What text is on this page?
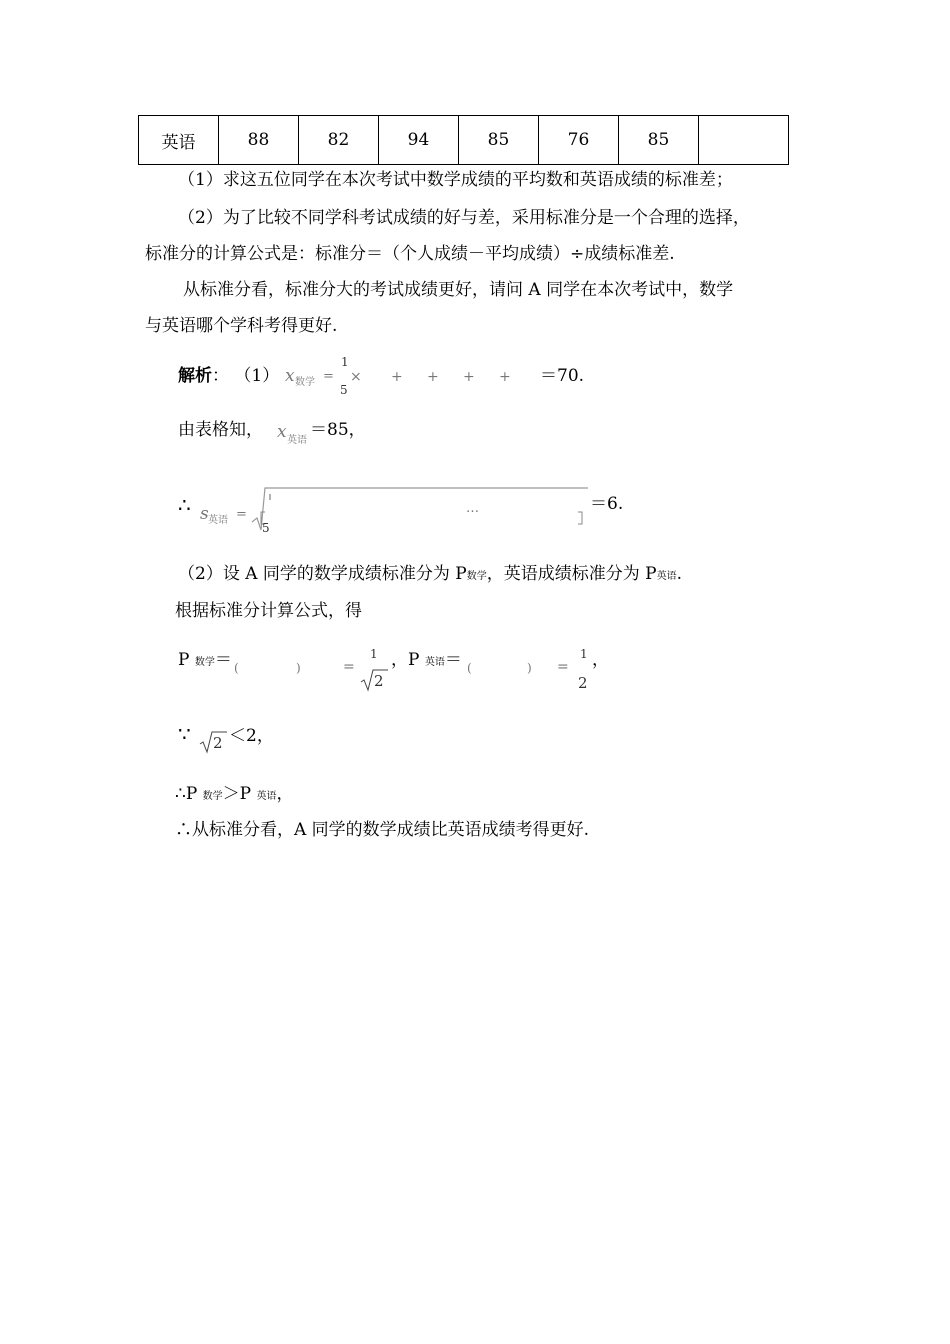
英语	88	82	94	85	76	85	
（1）求这五位同学在本次考试中数学成绩的平均数和英语成绩的标准差；
（2）为了比较不同学科考试成绩的好与差，采用标准分是一个合理的选择，
标准分的计算公式是：标准分＝（个人成绩－平均成绩）÷成绩标准差.
从标准分看，标准分大的考试成绩更好，请问 A 同学在本次考试中，数学
与英语哪个学科考得更好.
解析： （1） x 数学 =
1
5
× + + + + ＝70.
由表格知， x 英语
＝85，
∴ s 英语 =
5
…	＝6.
（2）设 A 同学的数学成绩标准分为 P数学，英语成绩标准分为 P英语.
根据标准分计算公式，得
P 数学＝ (	)	=
1
2
， P 英语＝ (	) =
1
2
，
∵ 2 ＜2，
∴P 数学＞P 英语，
∴从标准分看，A 同学的数学成绩比英语成绩考得更好.
